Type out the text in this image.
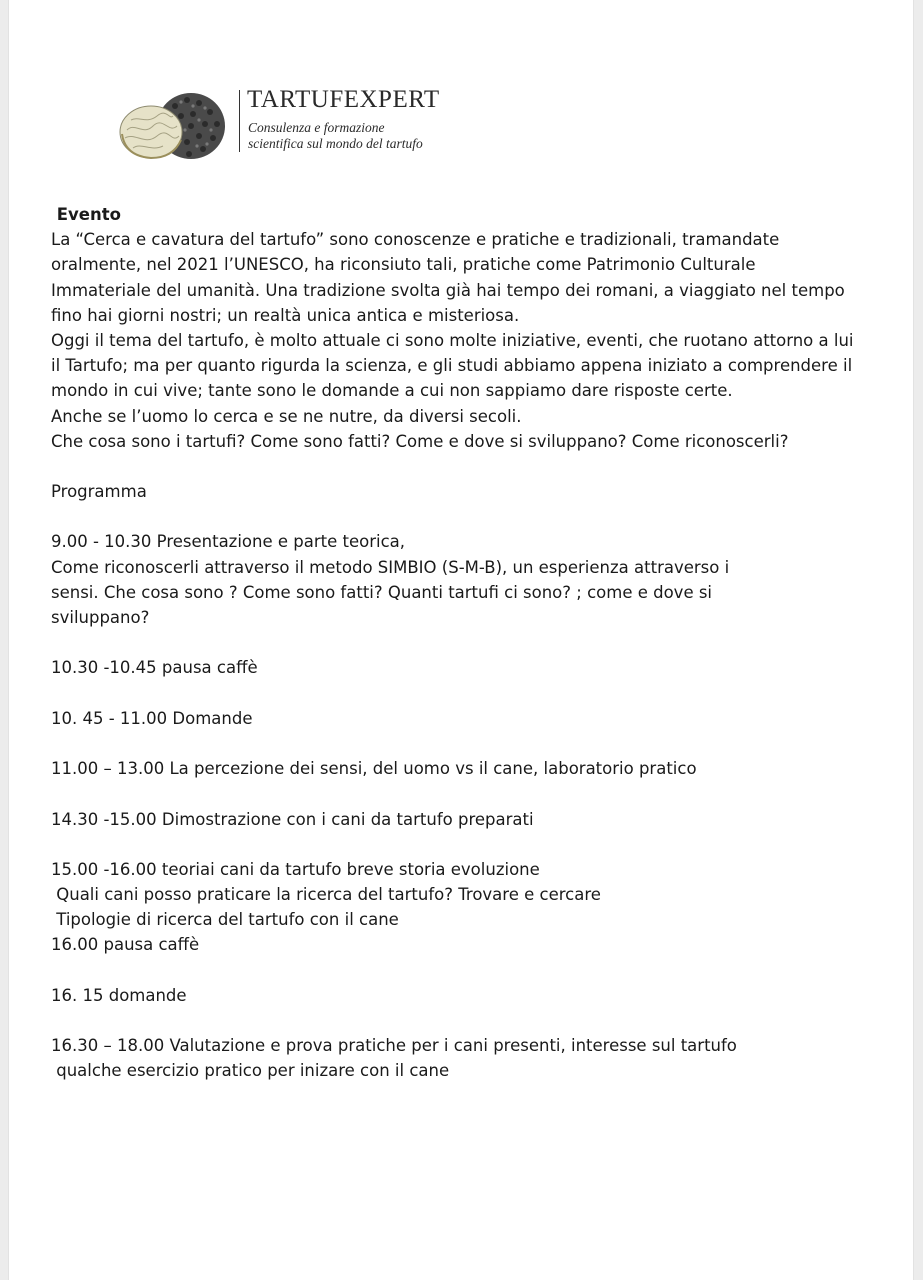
TARTUFEXPERT
Consulenza e formazione
scientifica sul mondo del tartufo
Evento
La “Cerca e cavatura del tartufo” sono conoscenze e pratiche e tradizionali, tramandate
oralmente, nel 2021 l’UNESCO, ha riconsiuto tali, pratiche come Patrimonio Culturale
Immateriale del umanità. Una tradizione svolta già hai tempo dei romani, a viaggiato nel tempo
fino hai giorni nostri; un realtà unica antica e misteriosa.
Oggi il tema del tartufo, è molto attuale ci sono molte iniziative, eventi, che ruotano attorno a lui
il Tartufo; ma per quanto rigurda la scienza, e gli studi abbiamo appena iniziato a comprendere il
mondo in cui vive; tante sono le domande a cui non sappiamo dare risposte certe.
Anche se l’uomo lo cerca e se ne nutre, da diversi secoli.
Che cosa sono i tartufi? Come sono fatti? Come e dove si sviluppano? Come riconoscerli?
Programma
9.00 - 10.30 Presentazione e parte teorica,
Come riconoscerli attraverso il metodo SIMBIO (S-M-B), un esperienza attraverso i
sensi. Che cosa sono ? Come sono fatti? Quanti tartufi ci sono? ; come e dove si
sviluppano?
10.30 -10.45 pausa caffè
10. 45 - 11.00 Domande
11.00 – 13.00 La percezione dei sensi, del uomo vs il cane, laboratorio pratico
14.30 -15.00 Dimostrazione con i cani da tartufo preparati
15.00 -16.00 teoriai cani da tartufo breve storia evoluzione
Quali cani posso praticare la ricerca del tartufo? Trovare e cercare
Tipologie di ricerca del tartufo con il cane
16.00 pausa caffè
16. 15 domande
16.30 – 18.00 Valutazione e prova pratiche per i cani presenti, interesse sul tartufo
qualche esercizio pratico per inizare con il cane
